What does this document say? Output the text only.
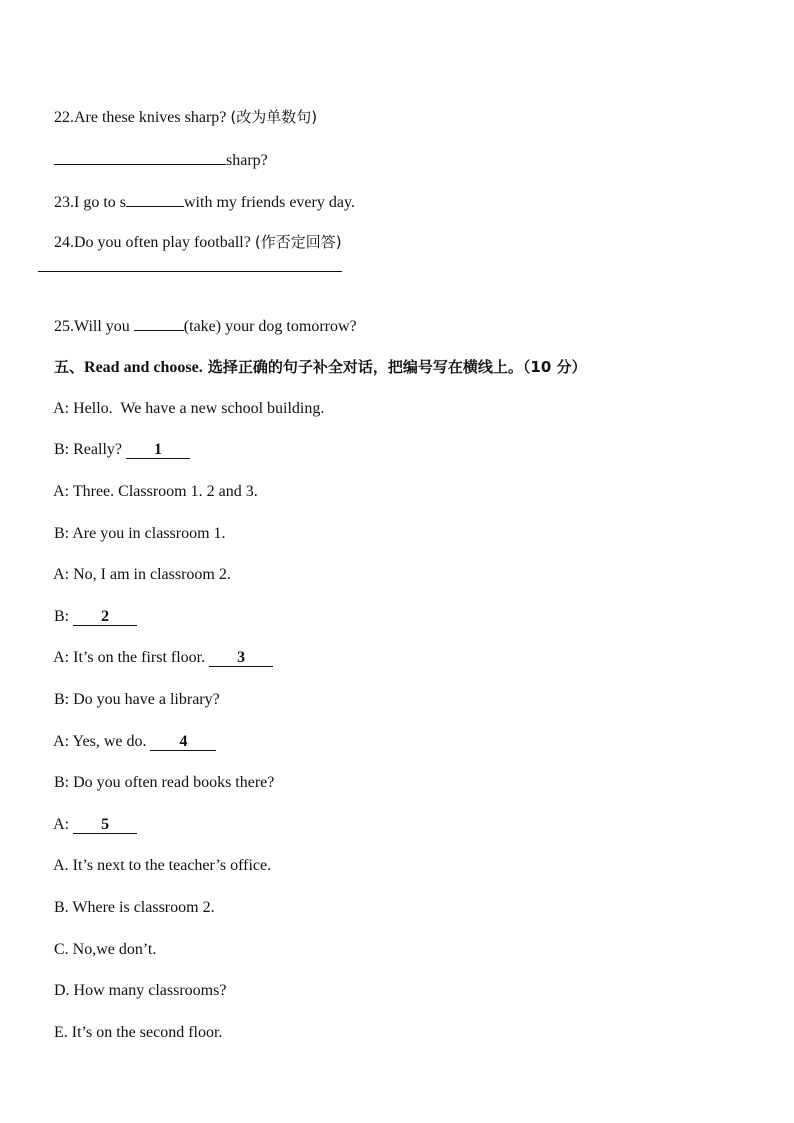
22.Are these knives sharp? (改为单数句)

sharp?

23.I go to s	with my friends every day.

24.Do you often play football? (作否定回答)

25.Will you	(take) your dog tomorrow?

五、Read and choose. 选择正确的句子补全对话，把编号写在横线上。（10 分）

A: Hello.  We have a new school building.

B: Really? 1

A: Three. Classroom 1. 2 and 3.

B: Are you in classroom 1.

A: No, I am in classroom 2.

B: 2

A: It’s on the first floor. 3

B: Do you have a library?

A: Yes, we do. 4

B: Do you often read books there?

A: 5

A. It’s next to the teacher’s office.

B. Where is classroom 2.

C. No,we don’t.

D. How many classrooms?

E. It’s on the second floor.
